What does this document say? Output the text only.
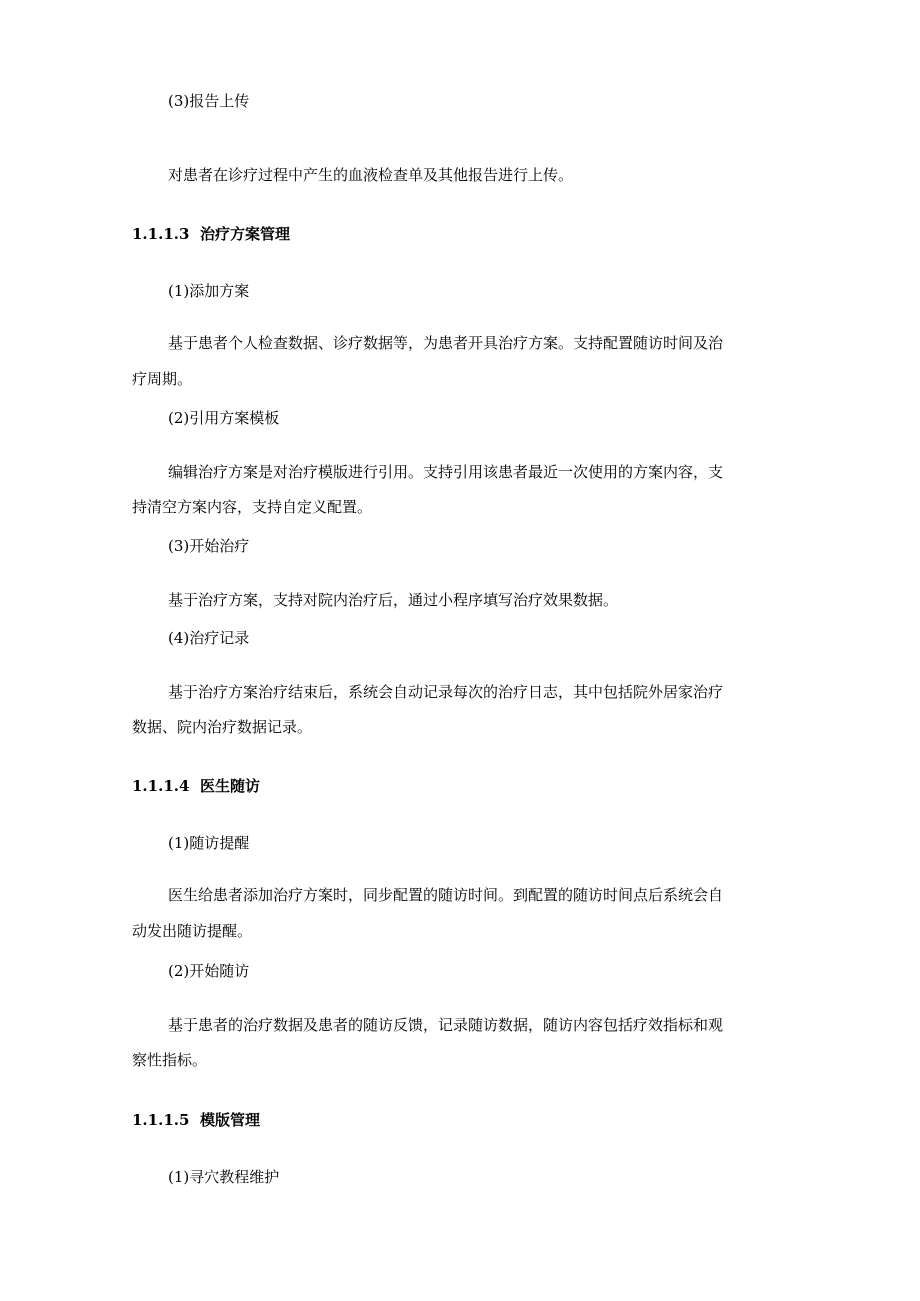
(3)报告上传
对患者在诊疗过程中产生的血液检查单及其他报告进行上传。
1.1.1.3 治疗方案管理
(1)添加方案
基于患者个人检查数据、诊疗数据等，为患者开具治疗方案。支持配置随访时间及治
疗周期。
(2)引用方案模板
编辑治疗方案是对治疗模版进行引用。支持引用该患者最近一次使用的方案内容，支
持清空方案内容，支持自定义配置。
(3)开始治疗
基于治疗方案，支持对院内治疗后，通过小程序填写治疗效果数据。
(4)治疗记录
基于治疗方案治疗结束后，系统会自动记录每次的治疗日志，其中包括院外居家治疗
数据、院内治疗数据记录。
1.1.1.4 医生随访
(1)随访提醒
医生给患者添加治疗方案时，同步配置的随访时间。到配置的随访时间点后系统会自
动发出随访提醒。
(2)开始随访
基于患者的治疗数据及患者的随访反馈，记录随访数据，随访内容包括疗效指标和观
察性指标。
1.1.1.5 模版管理
(1)寻穴教程维护
